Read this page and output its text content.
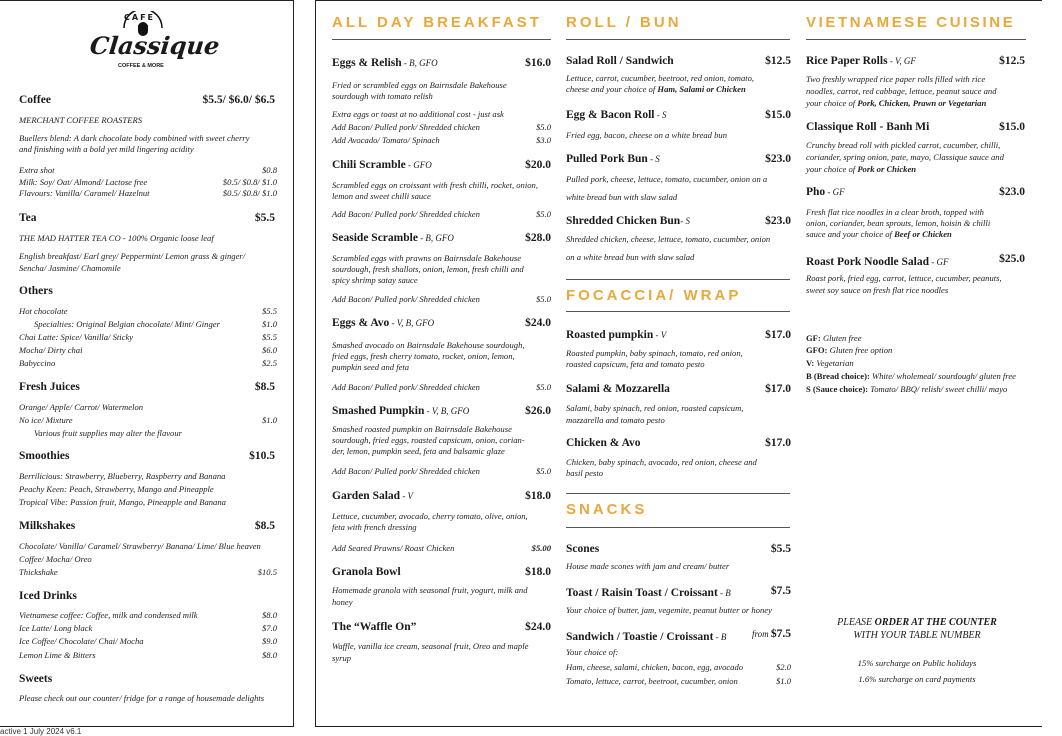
CAFE
Classique
COFFEE & MORE
Coffee	$5.5/ $6.0/ $6.5
MERCHANT COFFEE ROASTERS
Buellers blend: A dark chocolate body combined with sweet cherry
and finishing with a bold yet mild lingering acidity
Extra shot	$0.8
Milk: Soy/ Oat/ Almond/ Lactose free	$0.5/ $0.8/ $1.0
Flavours: Vanilla/ Caramel/ Hazelnut	$0.5/ $0.8/ $1.0
Tea	$5.5
THE MAD HATTER TEA CO - 100% Organic loose leaf
English breakfast/ Earl grey/ Peppermint/ Lemon grass & ginger/
Sencha/ Jasmine/ Chamomile
Others
Hot chocolate	$5.5
Specialties: Original Belgian chocolate/ Mint/ Ginger	$1.0
Chai Latte: Spice/ Vanilla/ Sticky	$5.5
Mocha/ Dirty chai	$6.0
Babyccino	$2.5
Fresh Juices	$8.5
Orange/ Apple/ Carrot/ Watermelon
No ice/ Mixture	$1.0
Various fruit supplies may alter the flavour
Smoothies	$10.5
Berrilicious: Strawberry, Blueberry, Raspberry and Banana
Peachy Keen: Peach, Strawberry, Mango and Pineapple
Tropical Vibe: Passion fruit, Mango, Pineapple and Banana
Milkshakes	$8.5
Chocolate/ Vanilla/ Caramel/ Strawberry/ Banana/ Lime/ Blue heaven
Coffee/ Mocha/ Oreo
Thickshake	$10.5
Iced Drinks
Vietnamese coffee: Coffee, milk and condensed milk	$8.0
Ice Latte/ Long black	$7.0
Ice Coffee/ Chocolate/ Chai/ Mocha	$9.0
Lemon Lime & Bitters	$8.0
Sweets
Please check out our counter/ fridge for a range of housemade delights
active 1 July 2024 v6.1
ALL DAY BREAKFAST
Eggs & Relish - B, GFO	$16.0
Fried or scrambled eggs on Bairnsdale Bakehouse
sourdough with tomato relish
Extra eggs or toast at no additional cost - just ask
Add Bacon/ Pulled pork/ Shredded chicken	$5.0
Add Avocado/ Tomato/ Spinach	$3.0
Chili Scramble - GFO	$20.0
Scrambled eggs on croissant with fresh chilli, rocket, onion,
lemon and sweet chilli sauce
Add Bacon/ Pulled pork/ Shredded chicken	$5.0
Seaside Scramble - B, GFO	$28.0
Scrambled eggs with prawns on Bairnsdale Bakehouse
sourdough, fresh shallots, onion, lemon, fresh chilli and
spicy shrimp satay sauce
Add Bacon/ Pulled pork/ Shredded chicken	$5.0
Eggs & Avo - V, B, GFO	$24.0
Smashed avocado on Bairnsdale Bakehouse sourdough,
fried eggs, fresh cherry tomato, rocket, onion, lemon,
pumpkin seed and feta
Add Bacon/ Pulled pork/ Shredded chicken	$5.0
Smashed Pumpkin - V, B, GFO	$26.0
Smashed roasted pumpkin on Bairnsdale Bakehouse
sourdough, fried eggs, roasted capsicum, onion, corian-
der, lemon, pumpkin seed, feta and balsamic glaze
Add Bacon/ Pulled pork/ Shredded chicken	$5.0
Garden Salad - V	$18.0
Lettuce, cucumber, avocado, cherry tomato, olive, onion,
feta with french dressing
Add Seared Prawns/ Roast Chicken	$5.00
Granola Bowl	$18.0
Homemade granola with seasonal fruit, yogurt, milk and
honey
The “Waffle On”	$24.0
Waffle, vanilla ice cream, seasonal fruit, Oreo and maple
syrup
ROLL / BUN
Salad Roll / Sandwich	$12.5
Lettuce, carrot, cucumber, beetroot, red onion, tomato,
cheese and your choice of Ham, Salami or Chicken
Egg & Bacon Roll - S	$15.0
Fried egg, bacon, cheese on a white bread bun
Pulled Pork Bun - S	$23.0
Pulled pork, cheese, lettuce, tomato, cucumber, onion on a
white bread bun with slaw salad
Shredded Chicken Bun- S	$23.0
Shredded chicken, cheese, lettuce, tomato, cucumber, onion
on a white bread bun with slaw salad
FOCACCIA/ WRAP
Roasted pumpkin - V	$17.0
Roasted pumpkin, baby spinach, tomato, red onion,
roasted capsicum, feta and tomato pesto
Salami & Mozzarella	$17.0
Salami, baby spinach, red onion, roasted capsicum,
mozzarella and tomato pesto
Chicken & Avo	$17.0
Chicken, baby spinach, avocado, red onion, cheese and
basil pesto
SNACKS
Scones	$5.5
House made scones with jam and cream/ butter
Toast / Raisin Toast / Croissant - B	$7.5
Your choice of butter, jam, vegemite, peanut butter or honey
Sandwich / Toastie / Croissant - B	from $7.5
Your choice of:
Ham, cheese, salami, chicken, bacon, egg, avocado	$2.0
Tomato, lettuce, carrot, beetroot, cucumber, onion	$1.0
VIETNAMESE CUISINE
Rice Paper Rolls - V, GF	$12.5
Two freshly wrapped rice paper rolls filled with rice
noodles, carrot, red cabbage, lettuce, peanut sauce and
your choice of Pork, Chicken, Prawn or Vegetarian
Classique Roll - Banh Mi	$15.0
Crunchy bread roll with pickled carrot, cucumber, chilli,
coriander, spring onion, pate, mayo, Classique sauce and
your choice of Pork or Chicken
Pho - GF	$23.0
Fresh flat rice noodles in a clear broth, topped with
onion, coriander, bean sprouts, lemon, hoisin & chilli
sauce and your choice of Beef or Chicken
Roast Pork Noodle Salad - GF	$25.0
Roast pork, fried egg, carrot, lettuce, cucumber, peanuts,
sweet soy sauce on fresh flat rice noodles
GF: Gluten free
GFO: Gluten free option
V: Vegetarian
B (Bread choice): White/ wholemeal/ sourdough/ gluten free
S (Sauce choice): Tomato/ BBQ/ relish/ sweet chilli/ mayo
PLEASE ORDER AT THE COUNTER
WITH YOUR TABLE NUMBER
15% surcharge on Public holidays
1.6% surcharge on card payments
